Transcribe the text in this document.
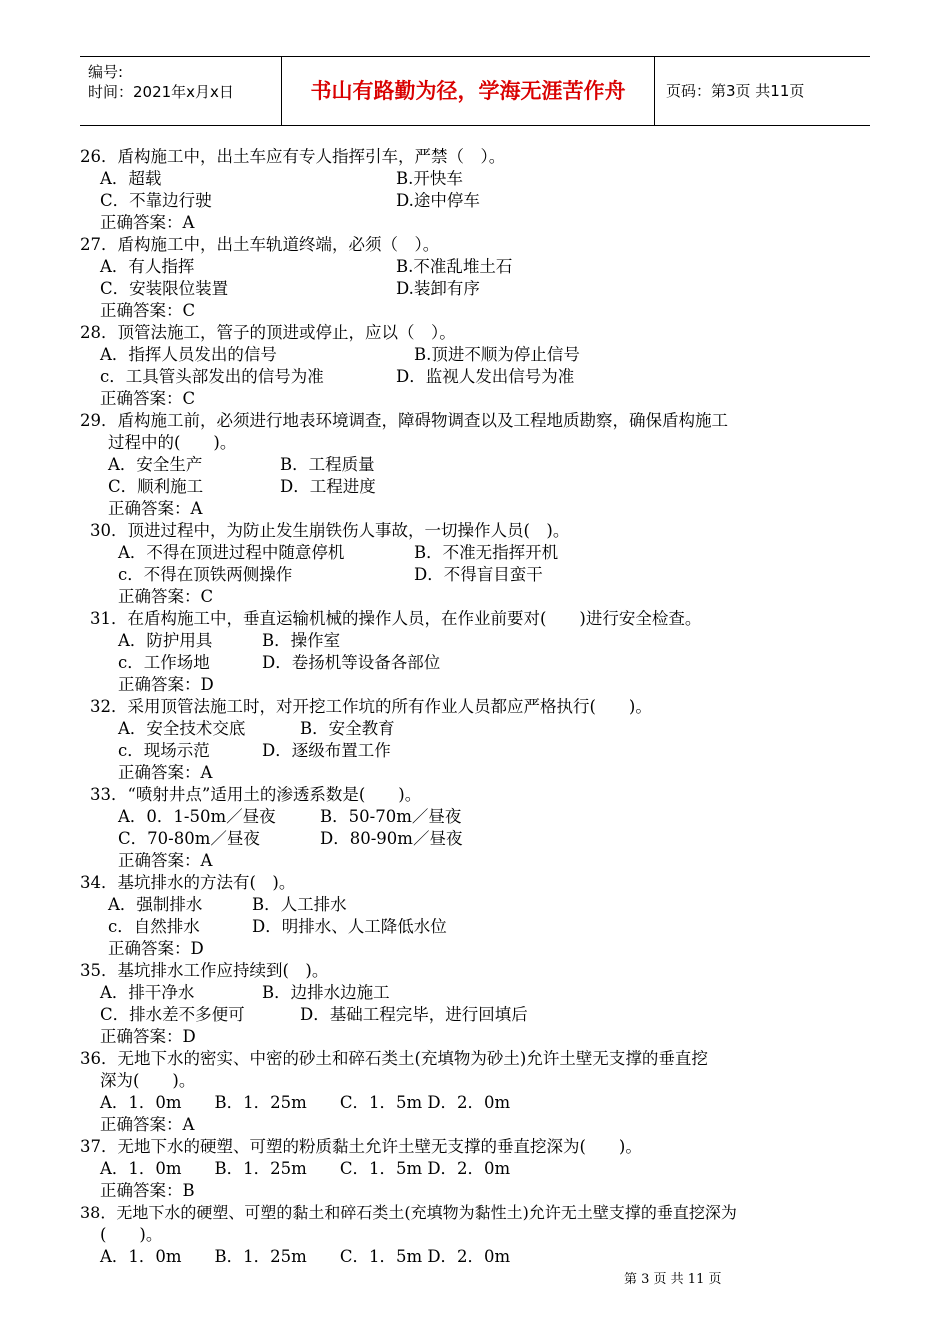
编号:
时间：2021年x月x日	书山有路勤为径，学海无涯苦作舟	页码：第3页 共11页
26．盾构施工中，出土车应有专人指挥引车，严禁（　）。
A．超载	B.开快车
C．不靠边行驶	D.途中停车
正确答案：A
27．盾构施工中，出土车轨道终端，必须（　）。
A．有人指挥	B.不准乱堆土石
C．安装限位装置	D.装卸有序
正确答案：C
28．顶管法施工，管子的顶进或停止，应以（　）。
A．指挥人员发出的信号	B.顶进不顺为停止信号
c．工具管头部发出的信号为准	D．监视人发出信号为准
正确答案：C
29．盾构施工前，必须进行地表环境调查，障碍物调查以及工程地质勘察，确保盾构施工
过程中的(　　)。
A．安全生产	B．工程质量
C．顺利施工	D．工程进度
正确答案：A
30．顶进过程中，为防止发生崩铁伤人事故，一切操作人员(　)。
A．不得在顶进过程中随意停机	B．不准无指挥开机
c．不得在顶铁两侧操作	D．不得盲目蛮干
正确答案：C
31．在盾构施工中，垂直运输机械的操作人员，在作业前要对(　　)进行安全检查。
A．防护用具	B．操作室
c．工作场地	D．卷扬机等设备各部位
正确答案：D
32．采用顶管法施工时，对开挖工作坑的所有作业人员都应严格执行(　　)。
A．安全技术交底	B．安全教育
c．现场示范	D．逐级布置工作
正确答案：A
33．“喷射井点”适用土的渗透系数是(　　)。
A．0．1-50m／昼夜	B．50-70m／昼夜
C．70-80m／昼夜	D．80-90m／昼夜
正确答案：A
34．基坑排水的方法有(　)。
A．强制排水	B．人工排水
c．自然排水	D．明排水、人工降低水位
正确答案：D
35．基坑排水工作应持续到(　)。
A．排干净水	B．边排水边施工
C．排水差不多便可	D．基础工程完毕，进行回填后
正确答案：D
36．无地下水的密实、中密的砂土和碎石类土(充填物为砂土)允许土壁无支撑的垂直挖
深为(　　)。
A．1．0m　　B．1．25m　　C．1．5m D．2．0m
正确答案：A
37．无地下水的硬塑、可塑的粉质黏土允许土壁无支撑的垂直挖深为(　　)。
A．1．0m　　B．1．25m　　C．1．5m D．2．0m
正确答案：B
38．无地下水的硬塑、可塑的黏土和碎石类土(充填物为黏性土)允许无土壁支撑的垂直挖深为
(　　)。
A．1．0m　　B．1．25m　　C．1．5m D．2．0m
第 3 页 共 11 页
